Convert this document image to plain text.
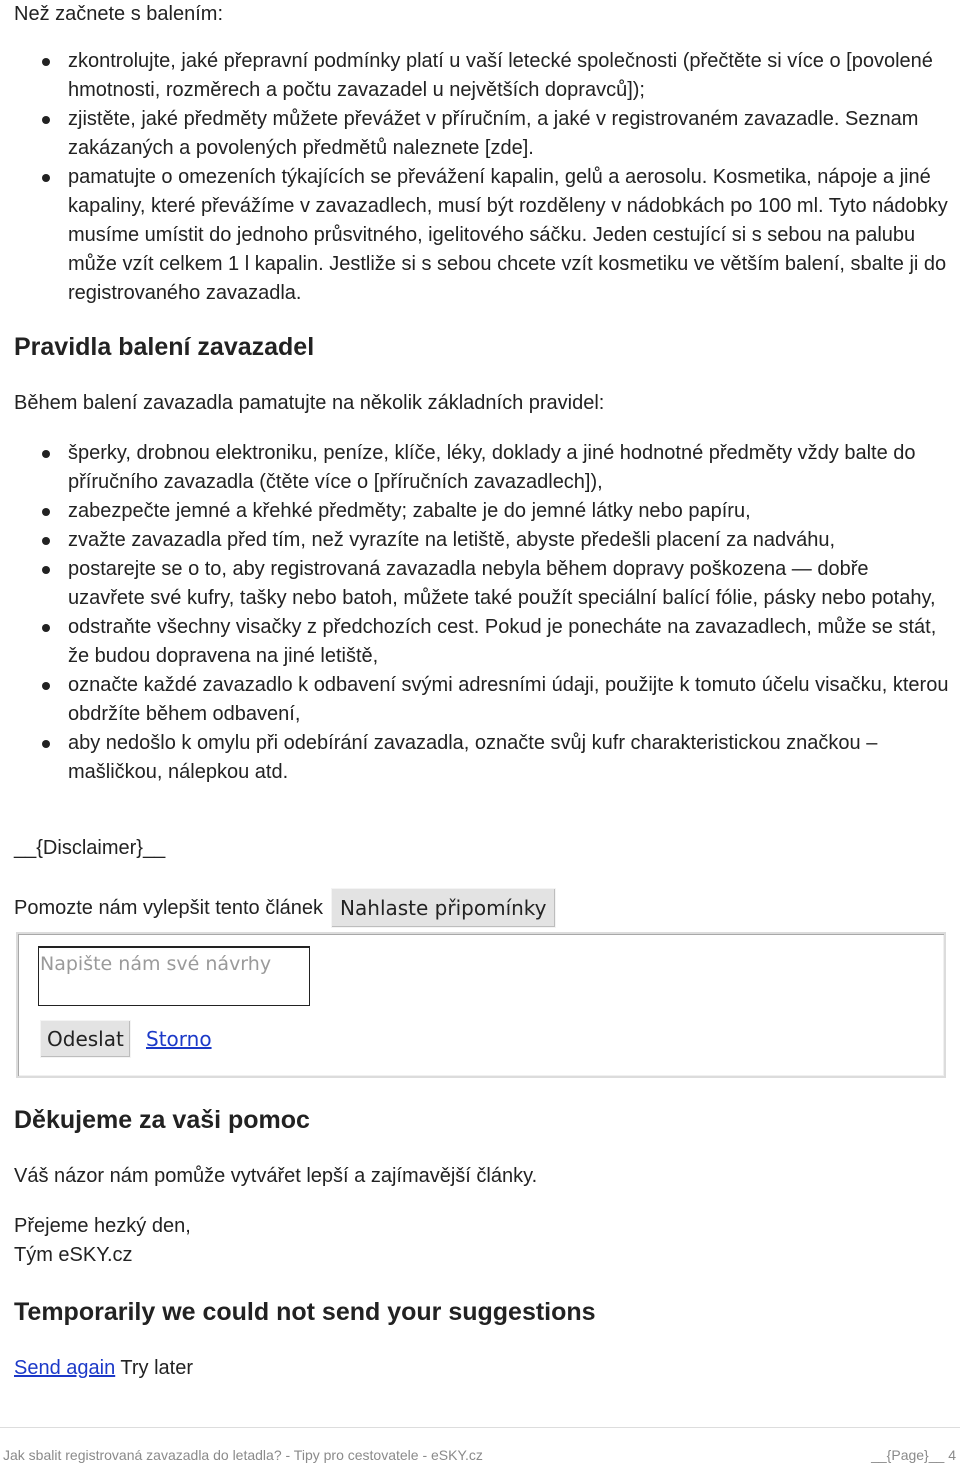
Než začnete s balením:

zkontrolujte, jaké přepravní podmínky platí u vaší letecké společnosti (přečtěte si více o [povolené hmotnosti, rozměrech a počtu zavazadel u největších dopravců]);
zjistěte, jaké předměty můžete převážet v příručním, a jaké v registrovaném zavazadle. Seznam zakázaných a povolených předmětů naleznete [zde].
pamatujte o omezeních týkajících se převážení kapalin, gelů a aerosolu. Kosmetika, nápoje a jiné kapaliny, které převážíme v zavazadlech, musí být rozděleny v nádobkách po 100 ml. Tyto nádobky musíme umístit do jednoho průsvitného, igelitového sáčku. Jeden cestující si s sebou na palubu může vzít celkem 1 l kapalin. Jestliže si s sebou chcete vzít kosmetiku ve větším balení, sbalte ji do registrovaného zavazadla.
Pravidla balení zavazadel

Během balení zavazadla pamatujte na několik základních pravidel:

šperky, drobnou elektroniku, peníze, klíče, léky, doklady a jiné hodnotné předměty vždy balte do příručního zavazadla (čtěte více o [příručních zavazadlech]),
zabezpečte jemné a křehké předměty; zabalte je do jemné látky nebo papíru,
zvažte zavazadla před tím, než vyrazíte na letiště, abyste předešli placení za nadváhu,
postarejte se o to, aby registrovaná zavazadla nebyla během dopravy poškozena — dobře uzavřete své kufry, tašky nebo batoh, můžete také použít speciální balící fólie, pásky nebo potahy,
odstraňte všechny visačky z předchozích cest. Pokud je ponecháte na zavazadlech, může se stát, že budou dopravena na jiné letiště,
označte každé zavazadlo k odbavení svými adresními údaji, použijte k tomuto účelu visačku, kterou obdržíte během odbavení,
aby nedošlo k omylu při odebírání zavazadla, označte svůj kufr charakteristickou značkou – mašličkou, nálepkou atd.

__{Disclaimer}__

Pomozte nám vylepšit tento článek Nahlaste připomínky
Napište nám své návrhy
Odeslat	Storno
Děkujeme za vaši pomoc

Váš názor nám pomůže vytvářet lepší a zajímavější články.

Přejeme hezký den,

Tým eSKY.cz

Temporarily we could not send your suggestions
Send again Try later
Jak sbalit registrovaná zavazadla do letadla? - Tipy pro cestovatele - eSKY.cz	__{Page}__ 4
